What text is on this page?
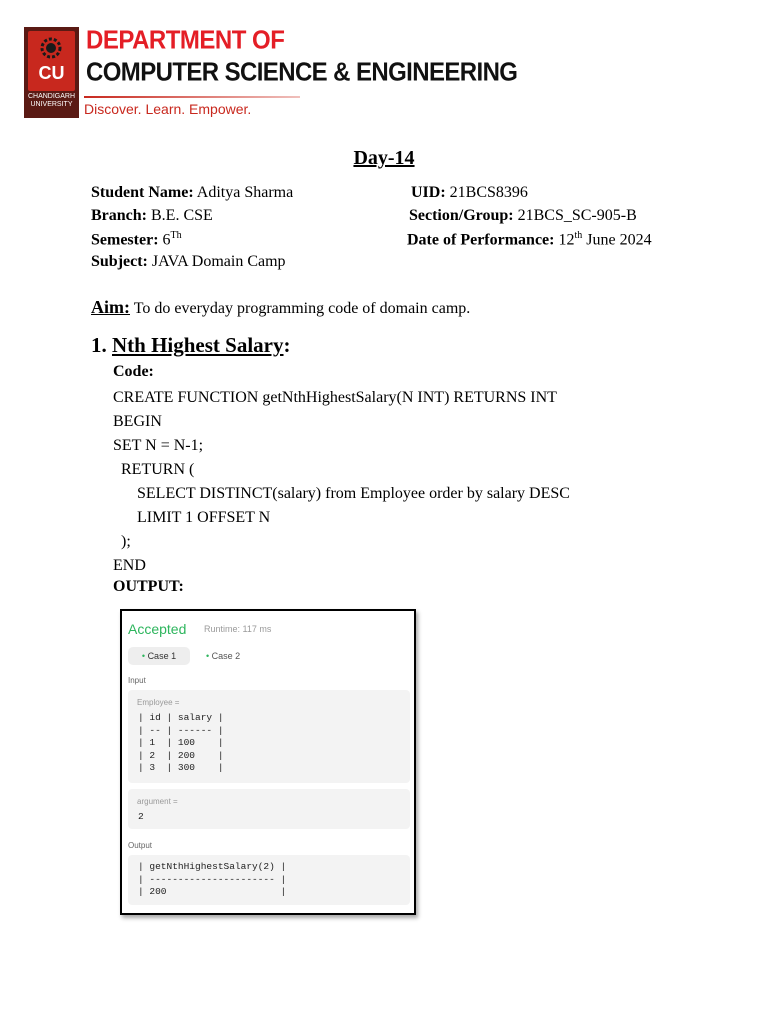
CU
CHANDIGARH UNIVERSITY
DEPARTMENT OF
COMPUTER SCIENCE & ENGINEERING
Discover. Learn. Empower.
Day-14
Student Name: Aditya Sharma	UID: 21BCS8396
Branch: B.E. CSE	Section/Group: 21BCS_SC-905-B
Semester: 6Th	Date of Performance: 12th June 2024
Subject: JAVA Domain Camp
Aim: To do everyday programming code of domain camp.
1. Nth Highest Salary:
Code:
CREATE FUNCTION getNthHighestSalary(N INT) RETURNS INT
BEGIN
SET N = N-1;
RETURN (
SELECT DISTINCT(salary) from Employee order by salary DESC
LIMIT 1 OFFSET N
);
END
OUTPUT:
Accepted Runtime: 117 ms
• Case 1	• Case 2
Input
Employee =
| id | salary |
| -- | ------ |
| 1  | 100    |
| 2  | 200    |
| 3  | 300    |
argument =
2
Output
| getNthHighestSalary(2) |
| ---------------------- |
| 200                    |
